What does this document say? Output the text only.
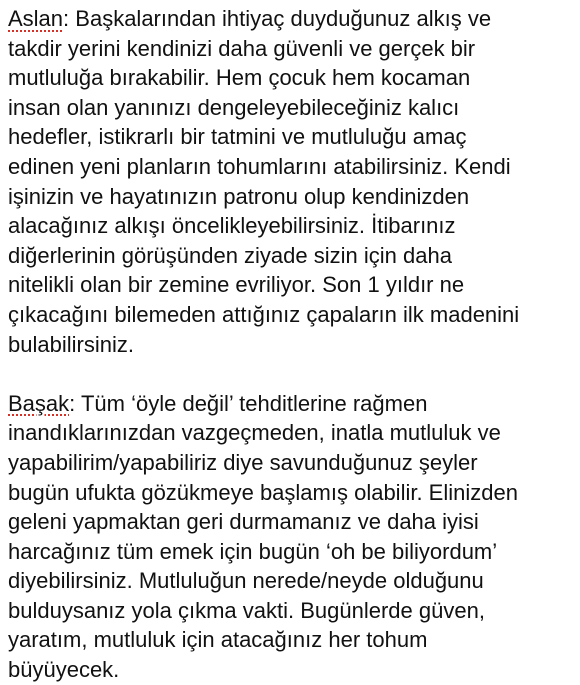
Aslan: Başkalarından ihtiyaç duyduğunuz alkış ve
takdir yerini kendinizi daha güvenli ve gerçek bir
mutluluğa bırakabilir. Hem çocuk hem kocaman
insan olan yanınızı dengeleyebileceğiniz kalıcı
hedefler, istikrarlı bir tatmini ve mutluluğu amaç
edinen yeni planların tohumlarını atabilirsiniz. Kendi
işinizin ve hayatınızın patronu olup kendinizden
alacağınız alkışı öncelikleyebilirsiniz. İtibarınız
diğerlerinin görüşünden ziyade sizin için daha
nitelikli olan bir zemine evriliyor. Son 1 yıldır ne
çıkacağını bilemeden attığınız çapaların ilk madenini
bulabilirsiniz.

Başak: Tüm ‘öyle değil’ tehditlerine rağmen
inandıklarınızdan vazgeçmeden, inatla mutluluk ve
yapabilirim/yapabiliriz diye savunduğunuz şeyler
bugün ufukta gözükmeye başlamış olabilir. Elinizden
geleni yapmaktan geri durmamanız ve daha iyisi
harcağınız tüm emek için bugün ‘oh be biliyordum’
diyebilirsiniz. Mutluluğun nerede/neyde olduğunu
bulduysanız yola çıkma vakti. Bugünlerde güven,
yaratım, mutluluk için atacağınız her tohum
büyüyecek.
